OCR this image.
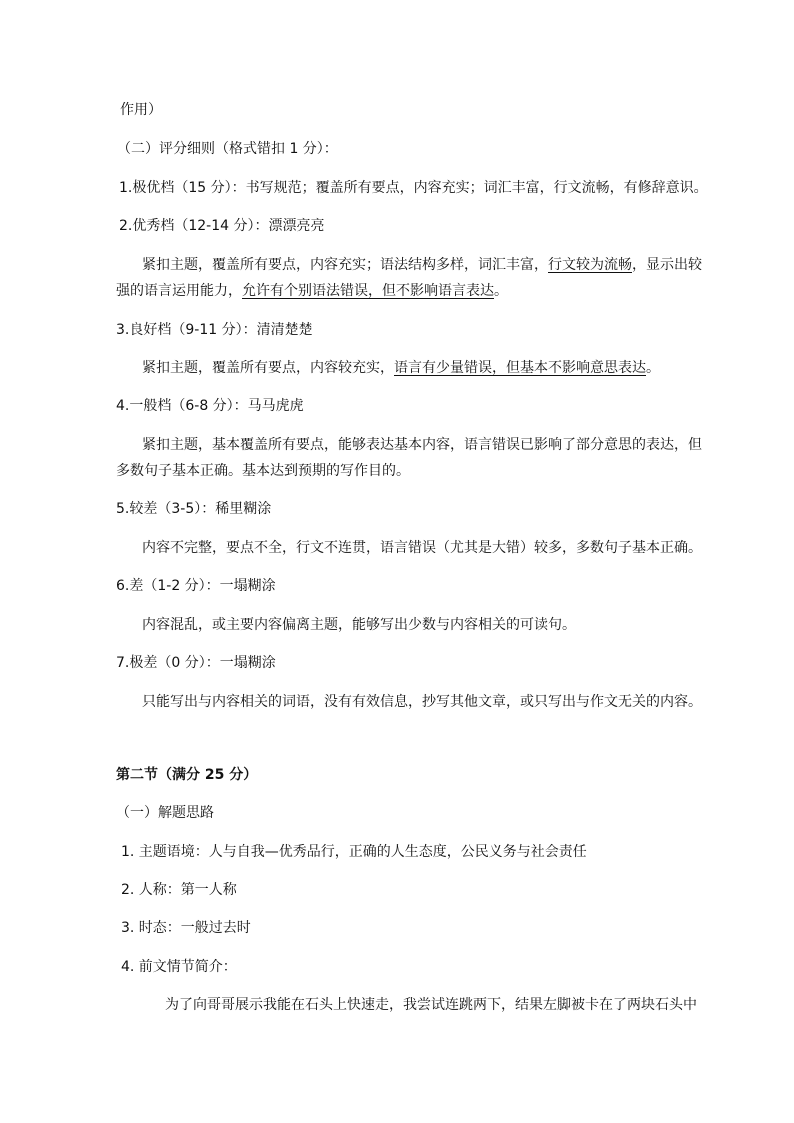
作用）
（二）评分细则（格式错扣 1 分）：
1.极优档（15 分）：书写规范；覆盖所有要点，内容充实；词汇丰富，行文流畅，有修辞意识。
2.优秀档（12-14 分）：漂漂亮亮
紧扣主题，覆盖所有要点，内容充实；语法结构多样，词汇丰富，行文较为流畅，显示出较
强的语言运用能力，允许有个别语法错误，但不影响语言表达。
3.良好档（9-11 分）：清清楚楚
紧扣主题，覆盖所有要点，内容较充实，语言有少量错误，但基本不影响意思表达。
4.一般档（6-8 分）：马马虎虎
紧扣主题，基本覆盖所有要点，能够表达基本内容，语言错误已影响了部分意思的表达，但
多数句子基本正确。基本达到预期的写作目的。
5.较差（3-5）：稀里糊涂
内容不完整，要点不全，行文不连贯，语言错误（尤其是大错）较多，多数句子基本正确。
6.差（1-2 分）：一塌糊涂
内容混乱，或主要内容偏离主题，能够写出少数与内容相关的可读句。
7.极差（0 分）：一塌糊涂
只能写出与内容相关的词语，没有有效信息，抄写其他文章，或只写出与作文无关的内容。
第二节（满分 25 分）
（一）解题思路
1. 主题语境：人与自我—优秀品行，正确的人生态度，公民义务与社会责任
2. 人称：第一人称
3. 时态：一般过去时
4. 前文情节简介：
为了向哥哥展示我能在石头上快速走，我尝试连跳两下，结果左脚被卡在了两块石头中
